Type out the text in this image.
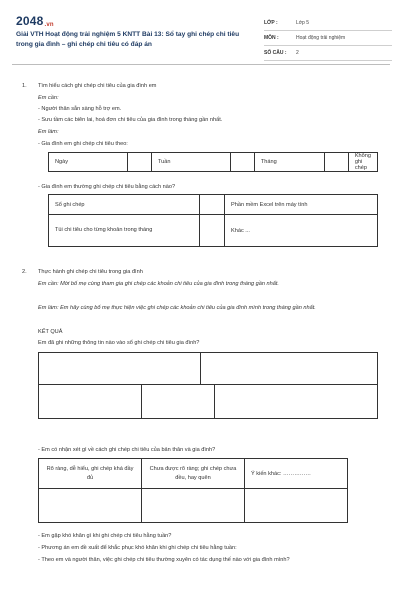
2048.vn
Giải VTH Hoạt động trải nghiệm 5 KNTT Bài 13: Sổ tay ghi chép chi tiêu trong gia đình – ghi chép chi tiêu có đáp án
LỚP :	Lớp 5
MÔN :	Hoạt động trải nghiệm
SỐ CÂU : 2
1. Tìm hiểu cách ghi chép chi tiêu của gia đình em
Em cần:
- Người thân sẵn sàng hỗ trợ em.
- Sưu tầm các biên lai, hoá đơn chi tiêu của gia đình trong tháng gần nhất.
Em làm:
- Gia đình em ghi chép chi tiêu theo:
Ngày		Tuần		Tháng		Không ghi chép
- Gia đình em thường ghi chép chi tiêu bằng cách nào?
Sổ ghi chép		Phần mềm Excel trên máy tính
Túi chi tiêu cho từng khoản trong tháng		Khác ...
2. Thực hành ghi chép chi tiêu trong gia đình
Em cần: Mời bố mẹ cùng tham gia ghi chép các khoản chi tiêu của gia đình trong tháng gần nhất.
Em làm: Em hãy cùng bố mẹ thực hiện việc ghi chép các khoản chi tiêu của gia đình mình trong tháng gần nhất.
KẾT QUẢ
Em đã ghi những thông tin nào vào sổ ghi chép chi tiêu gia đình?

- Em có nhận xét gì về cách ghi chép chi tiêu của bản thân và gia đình?
Rõ ràng, dễ hiểu, ghi chép khá đầy đủ	Chưa được rõ ràng; ghi chép chưa đều, hay quên	Ý kiến khác: ……………

- Em gặp khó khăn gì khi ghi chép chi tiêu hằng tuần?
- Phương án em đề xuất để khắc phục khó khăn khi ghi chép chi tiêu hằng tuần:
- Theo em và người thân, việc ghi chép chi tiêu thường xuyên có tác dụng thế nào với gia đình mình?
